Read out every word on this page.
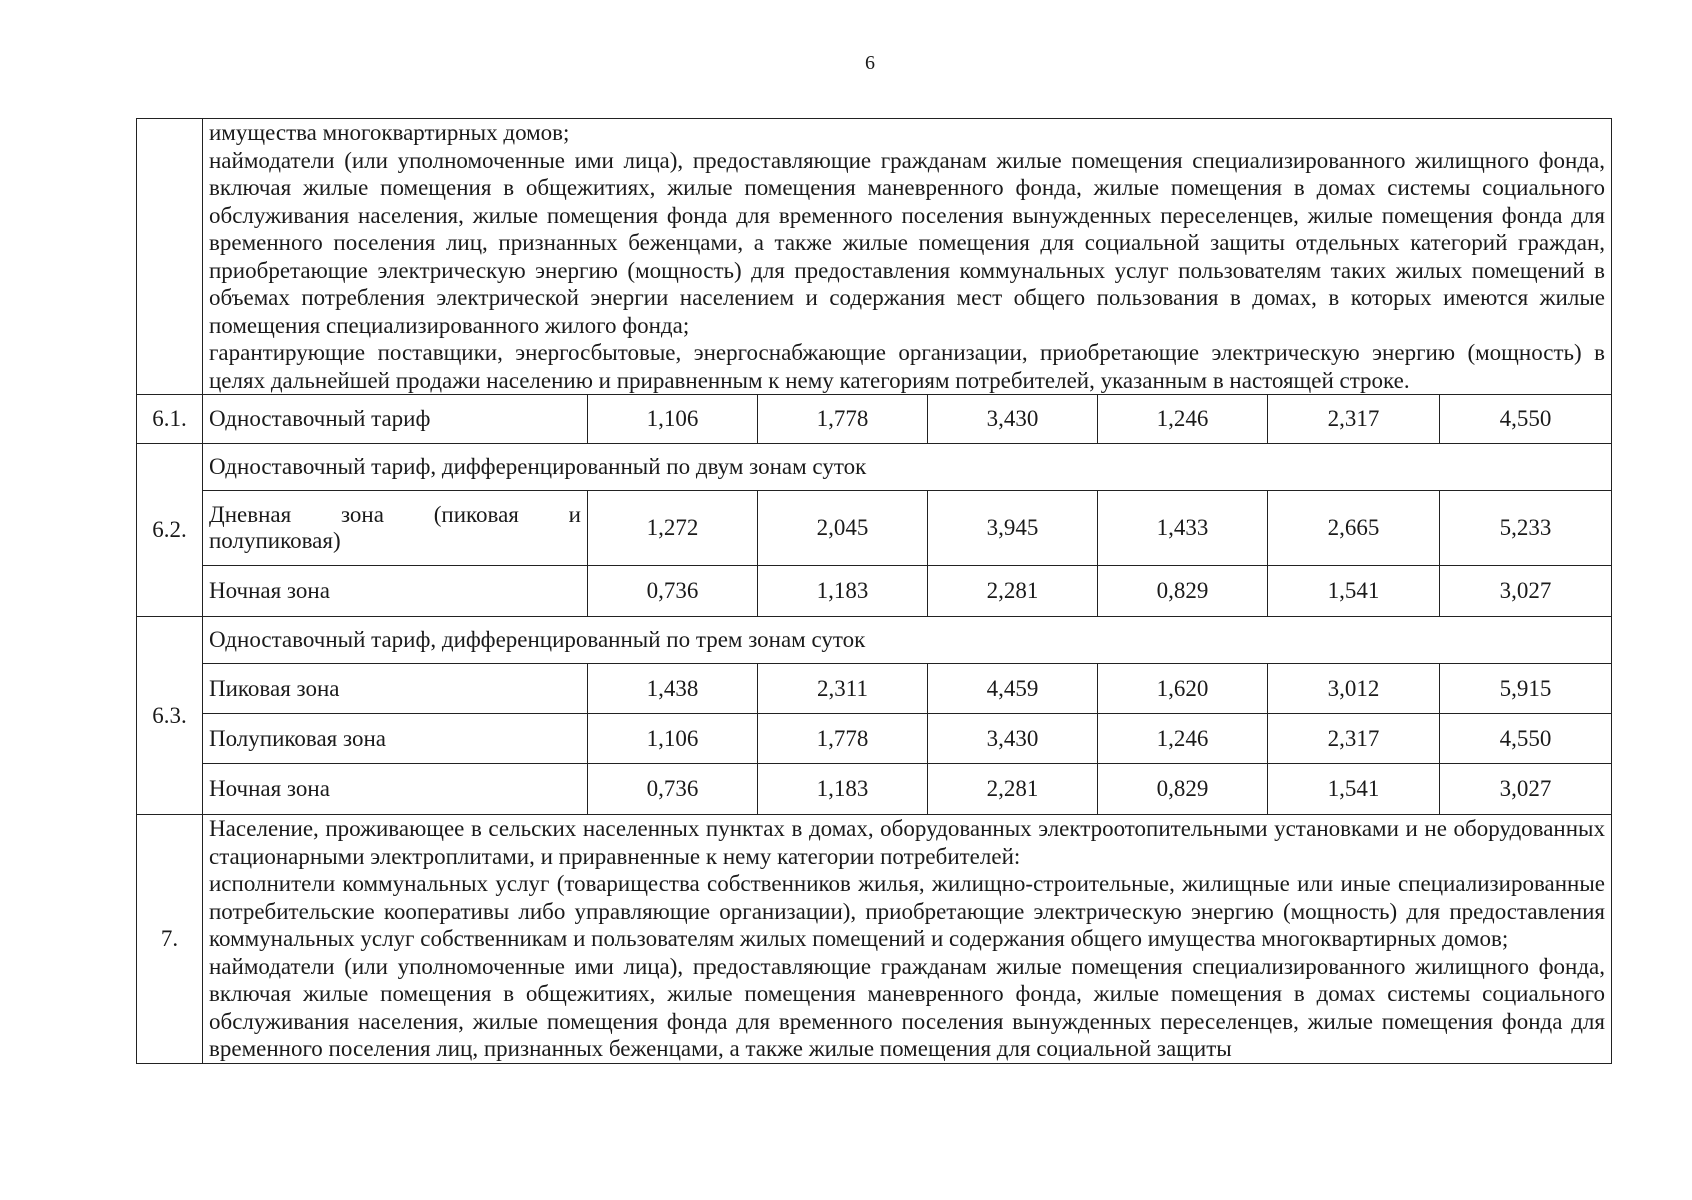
6

	имущества многоквартирных домов;

наймодатели (или уполномоченные ими лица), предоставляющие гражданам жилые помещения специализированного жилищного фонда, включая жилые помещения в общежитиях, жилые помещения маневренного фонда, жилые помещения в домах системы социального обслуживания населения, жилые помещения фонда для временного поселения вынужденных переселенцев, жилые помещения фонда для временного поселения лиц, признанных беженцами, а также жилые помещения для социальной защиты отдельных категорий граждан, приобретающие электрическую энергию (мощность) для предоставления коммунальных услуг пользователям таких жилых помещений в объемах потребления электрической энергии населением и содержания мест общего пользования в домах, в которых имеются жилые помещения специализированного жилого фонда;

гарантирующие поставщики, энергосбытовые, энергоснабжающие организации, приобретающие электрическую энергию (мощность) в целях дальнейшей продажи населению и приравненным к нему категориям потребителей, указанным в настоящей строке.						

6.1.	Одноставочный тариф	1,106	1,778	3,430	1,246	2,317	4,550
6.2.	Одноставочный тариф, дифференцированный по двум зонам суток						
	Дневная зона (пиковая и полупиковая)	1,272	2,045	3,945	1,433	2,665	5,233
	Ночная зона	0,736	1,183	2,281	0,829	1,541	3,027
6.3.	Одноставочный тариф, дифференцированный по трем зонам суток						
	Пиковая зона	1,438	2,311	4,459	1,620	3,012	5,915
	Полупиковая зона	1,106	1,778	3,430	1,246	2,317	4,550
	Ночная зона	0,736	1,183	2,281	0,829	1,541	3,027
7.	Население, проживающее в сельских населенных пунктах в домах, оборудованных электроотопительными установками и не оборудованных стационарными электроплитами, и приравненные к нему категории потребителей:

исполнители коммунальных услуг (товарищества собственников жилья, жилищно-строительные, жилищные или иные специализированные потребительские кооперативы либо управляющие организации), приобретающие электрическую энергию (мощность) для предоставления коммунальных услуг собственникам и пользователям жилых помещений и содержания общего имущества многоквартирных домов;

наймодатели (или уполномоченные ими лица), предоставляющие гражданам жилые помещения специализированного жилищного фонда, включая жилые помещения в общежитиях, жилые помещения маневренного фонда, жилые помещения в домах системы социального обслуживания населения, жилые помещения фонда для временного поселения вынужденных переселенцев, жилые помещения фонда для временного поселения лиц, признанных беженцами, а также жилые помещения для социальной защиты						
